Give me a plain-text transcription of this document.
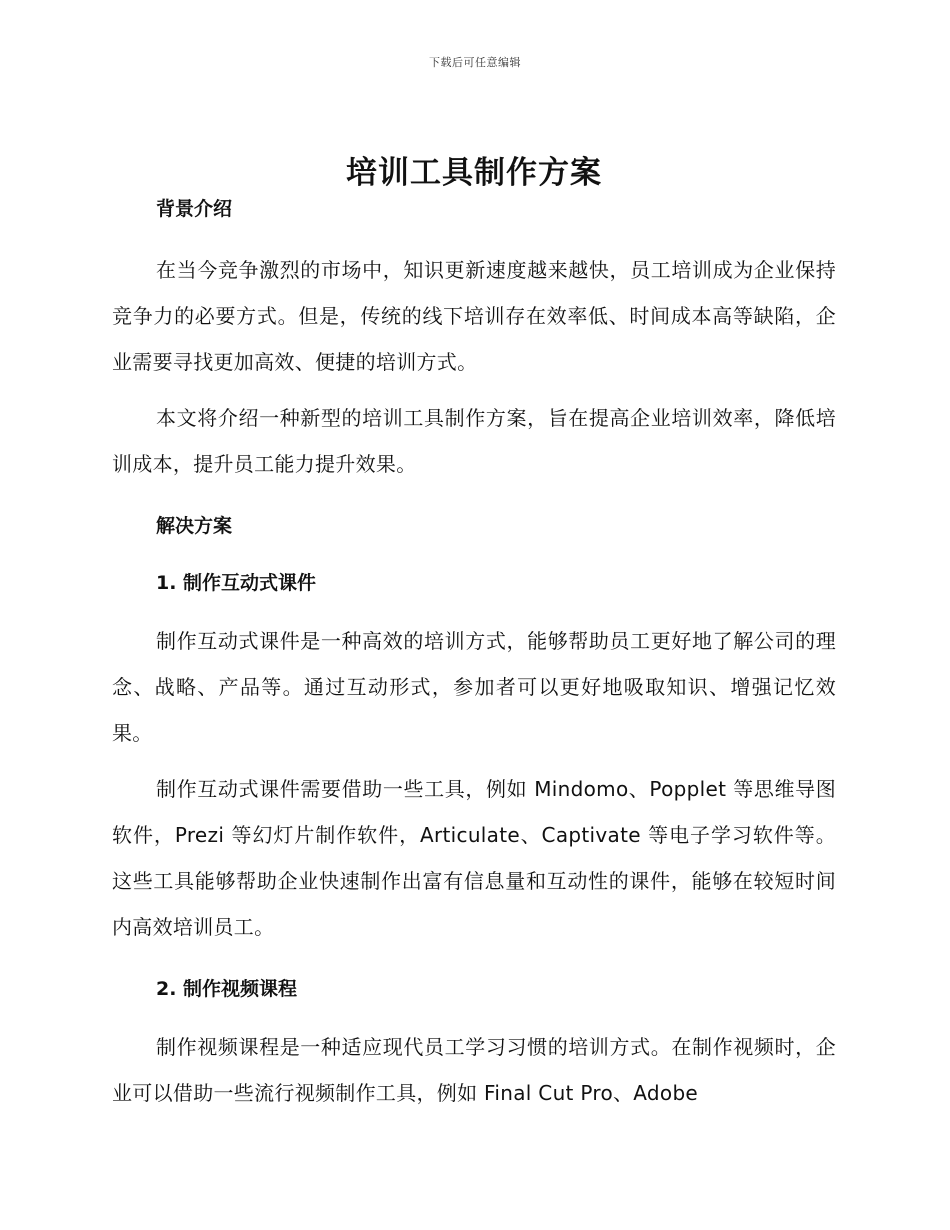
下载后可任意编辑
培训工具制作方案
背景介绍

在当今竞争激烈的市场中，知识更新速度越来越快，员工培训成为企业保持竞争力的必要方式。但是，传统的线下培训存在效率低、时间成本高等缺陷，企业需要寻找更加高效、便捷的培训方式。

本文将介绍一种新型的培训工具制作方案，旨在提高企业培训效率，降低培训成本，提升员工能力提升效果。

解决方案
1. 制作互动式课件

制作互动式课件是一种高效的培训方式，能够帮助员工更好地了解公司的理念、战略、产品等。通过互动形式，参加者可以更好地吸取知识、增强记忆效果。

制作互动式课件需要借助一些工具，例如 Mindomo、Popplet 等思维导图软件，Prezi 等幻灯片制作软件，Articulate、Captivate 等电子学习软件等。这些工具能够帮助企业快速制作出富有信息量和互动性的课件，能够在较短时间内高效培训员工。

2. 制作视频课程

制作视频课程是一种适应现代员工学习习惯的培训方式。在制作视频时，企业可以借助一些流行视频制作工具，例如 Final Cut Pro、Adobe
